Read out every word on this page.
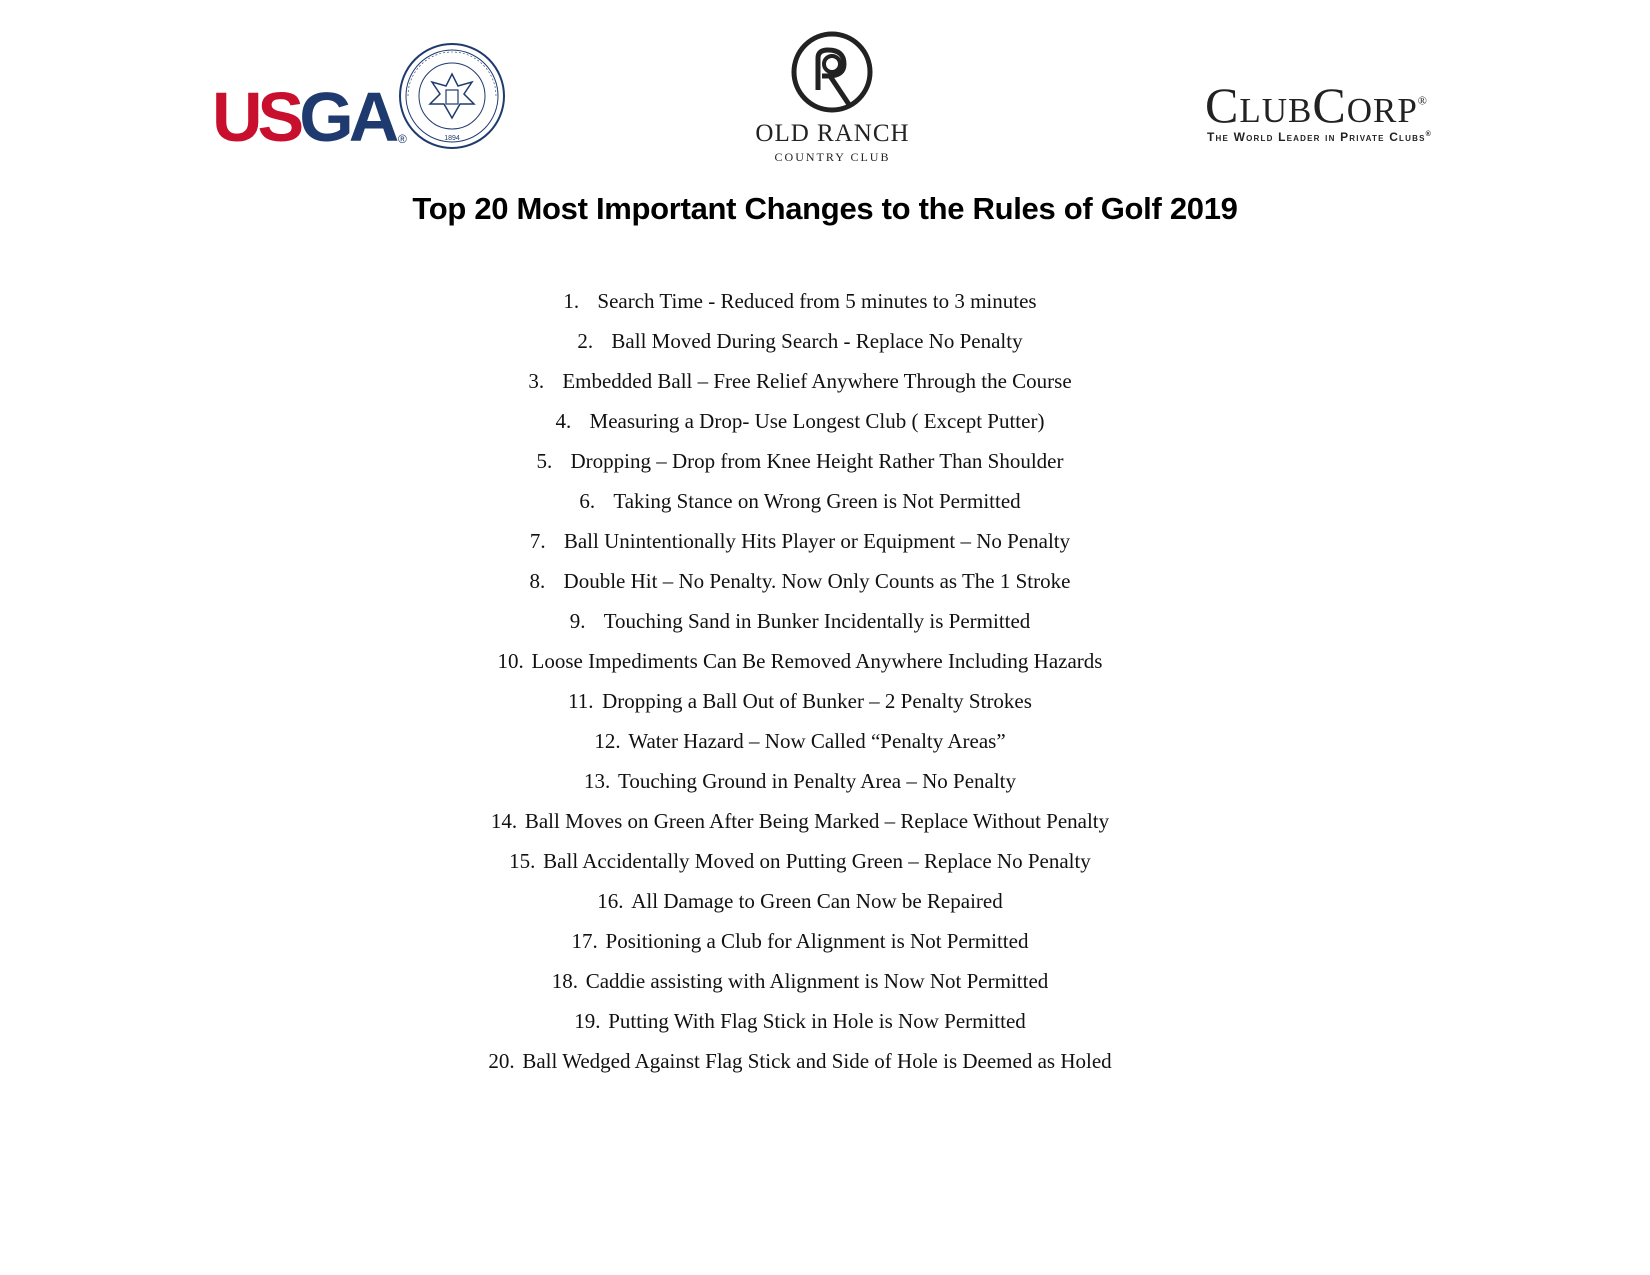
USGA ®	1894	OLD RANCH
COUNTRY CLUB
ClubCorp®
The World Leader in Private Clubs®
Top 20 Most Important Changes to the Rules of Golf 2019
1. Search Time - Reduced from 5 minutes to 3 minutes
2. Ball Moved During Search - Replace No Penalty
3. Embedded Ball – Free Relief Anywhere Through the Course
4. Measuring a Drop- Use Longest Club ( Except Putter)
5. Dropping – Drop from Knee Height Rather Than Shoulder
6. Taking Stance on Wrong Green is Not Permitted
7. Ball Unintentionally Hits Player or Equipment – No Penalty
8. Double Hit – No Penalty. Now Only Counts as The 1 Stroke
9. Touching Sand in Bunker Incidentally is Permitted
10. Loose Impediments Can Be Removed Anywhere Including Hazards
11. Dropping a Ball Out of Bunker – 2 Penalty Strokes
12. Water Hazard – Now Called “Penalty Areas”
13. Touching Ground in Penalty Area – No Penalty
14. Ball Moves on Green After Being Marked – Replace Without Penalty
15. Ball Accidentally Moved on Putting Green – Replace No Penalty
16. All Damage to Green Can Now be Repaired
17. Positioning a Club for Alignment is Not Permitted
18. Caddie assisting with Alignment is Now Not Permitted
19. Putting With Flag Stick in Hole is Now Permitted
20. Ball Wedged Against Flag Stick and Side of Hole is Deemed as Holed
